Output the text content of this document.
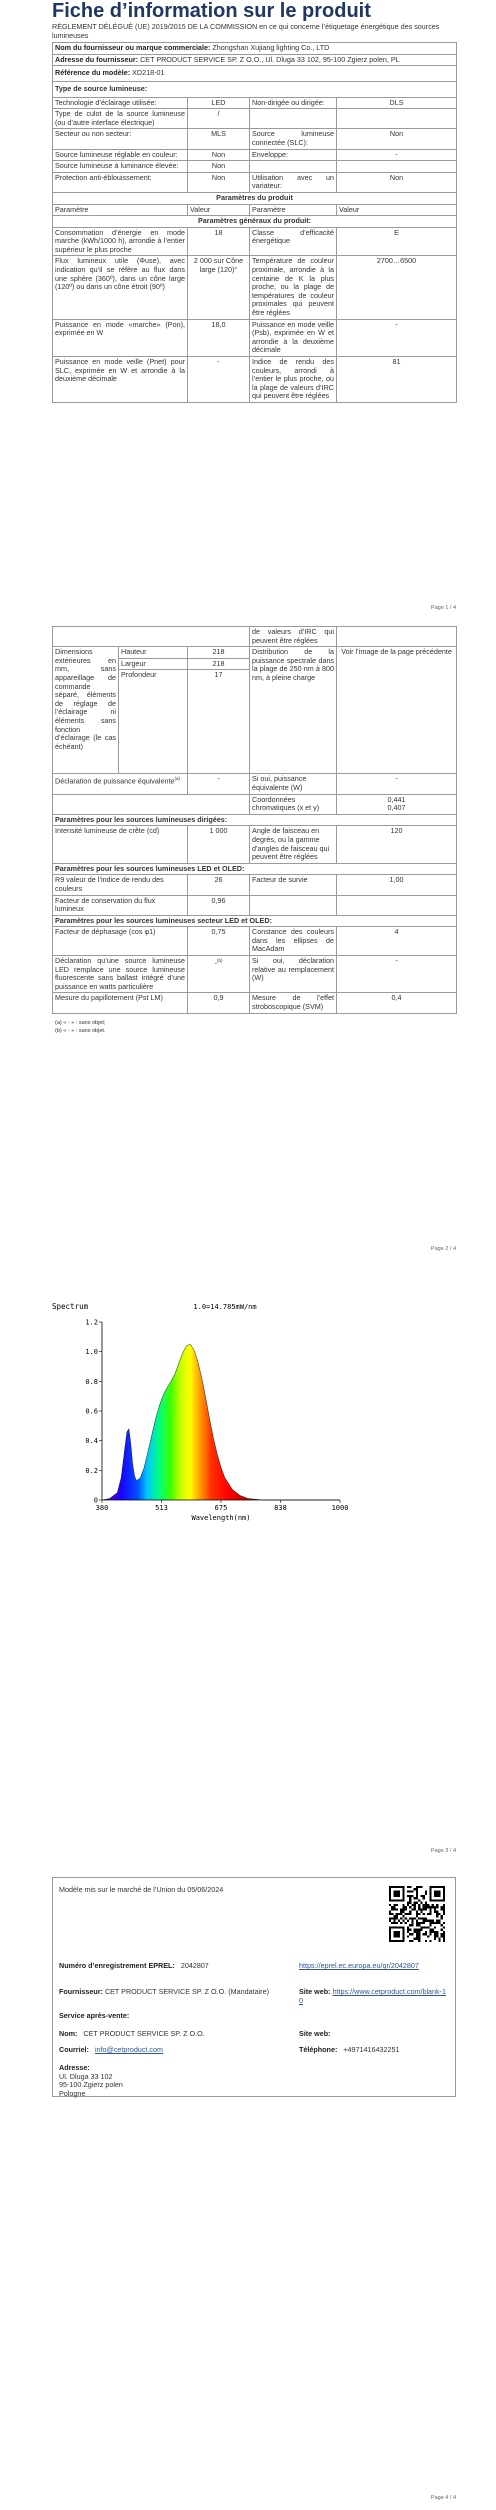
Fiche d’information sur le produit
RÈGLEMENT DÉLÉGUÉ (UE) 2019/2015 DE LA COMMISSION en ce qui concerne l’étiquetage énergétique des sources lumineuses
Nom du fournisseur ou marque commerciale: Zhongshan Xujiang lighting Co., LTD			
Adresse du fournisseur: CET PRODUCT SERVICE SP. Z O.O., Ul. Dluga 33 102, 95-100 Zgierz polen, PL			
Référence du modèle: XD218-01			
Type de source lumineuse:			
Technologie d’éclairage utilisée:	LED	Non-dirigée ou dirigée:	DLS
Type de culot de la source lumineuse (ou d’autre interface électrique)	/		
Secteur ou non secteur:	MLS	Source lumineuse connectée (SLC):	Non
Source lumineuse réglable en couleur:	Non	Enveloppe:	-
Source lumineuse à luminance élevée:	Non		
Protection anti-éblouissement:	Non	Utilisation avec un variateur:	Non
Paramètres du produit			
Paramètre	Valeur	Paramètre	Valeur
Paramètres généraux du produit:			
Consommation d’énergie en mode marche (kWh/1000 h), arrondie à l’entier supérieur le plus proche	18	Classe d’efficacité énergétique	E
Flux lumineux utile (Φuse), avec indication qu’il se réfère au flux dans une sphère (360º), dans un cône large (120º) ou dans un cône étroit (90º)	2 000 sur Cône large (120)°	Température de couleur proximale, arrondie à la centaine de K la plus proche, ou la plage de températures de couleur proximales qui peuvent être réglées	2700…6500
Puissance en mode «marche» (Pon), exprimée en W	18,0	Puissance en mode veille (Psb), exprimée en W et arrondie à la deuxième décimale	-
Puissance en mode veille (Pnet) pour SLC, exprimée en W et arrondie à la deuxième décimale	-	Indice de rendu des couleurs, arrondi à l’entier le plus proche, ou la plage de valeurs d’IRC qui peuvent être réglées	81
Page 1 / 4
			de valeurs d’IRC qui peuvent être réglées	
Dimensions extérieures en mm, sans appareillage de commande séparé, éléments de réglage de l’éclairage ni éléments sans fonction d’éclairage (le cas échéant)	Hauteur	218	Distribution de la puissance spectrale dans la plage de 250 nm à 800 nm, à pleine charge	Voir l’image de la page précédente
	Largeur	218		
	Profondeur	17		
Déclaration de puissance équivalente$^{(a)}$		-	Si oui, puissance équivalente (W)	-
			Coordonnées chromatiques (x et y)	0,441
0,407
Paramètres pour les sources lumineuses dirigées:				
Intensité lumineuse de crête (cd)		1 000	Angle de faisceau en degrés, ou la gamme d’angles de faisceau qui peuvent être réglées	120
Paramètres pour les sources lumineuses LED et OLED:				
R9 valeur de l’indice de rendu des couleurs		26	Facteur de survie	1,00
Facteur de conservation du flux lumineux		0,96		
Paramètres pour les sources lumineuses secteur LED et OLED:				
Facteur de déphasage (cos φ1)		0,75	Constance des couleurs dans les ellipses de MacAdam	4
Déclaration qu’une source lumineuse LED remplace une source lumineuse fluorescente sans ballast intégré d’une puissance en watts particulière		-$^{(b)}$	Si oui, déclaration relative au remplacement (W)	-
Mesure du papillotement (Pst LM)		0,9	Mesure de l’effet stroboscopique (SVM)	0,4
(a) « - » : sans objet;
(b) « - » : sans objet.
Page 2 / 4
Spectrum	1.0=14.785mW/nm
0
0.2
0.4
0.6
0.8
1.0
1.2
380	513	675	838	1000
Wavelength(nm)
Page 3 / 4
Modèle mis sur le marché de l’Union du 05/06/2024
Numéro d’enregistrement EPREL: 2042807	https://eprel.ec.europa.eu/qr/2042807
Fournisseur: CET PRODUCT SERVICE SP. Z O.O. (Mandataire)	Site web: https://www.cetproduct.com/blank-10
Service après-vente:
Nom: CET PRODUCT SERVICE SP. Z O.O.	Site web:
Courriel: info@cetproduct.com	Téléphone: +4971416432251
Adresse:
Ul. Dluga 33 102
95-100 Zgierz polen
Pologne
Page 4 / 4
